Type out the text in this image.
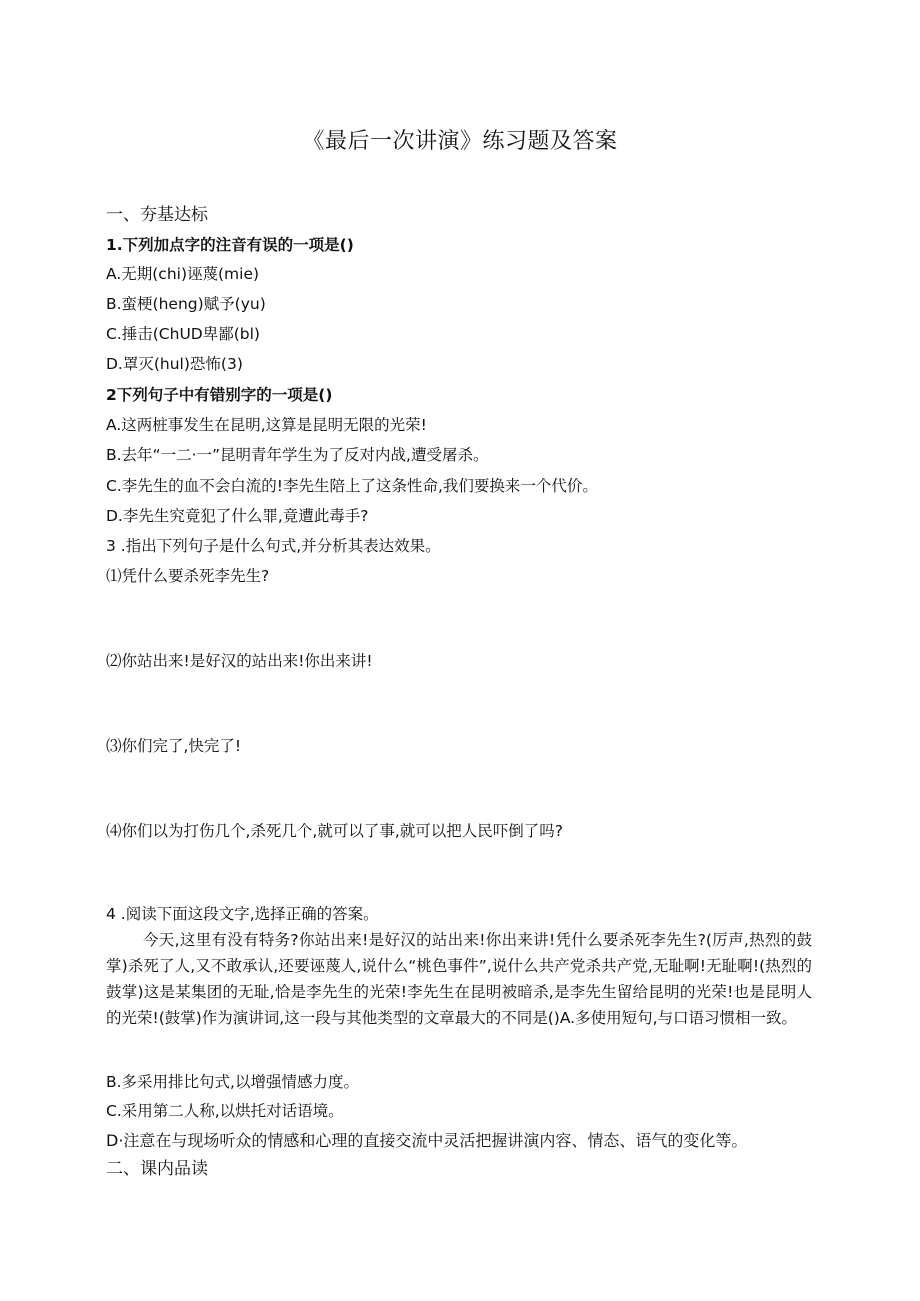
《最后一次讲演》练习题及答案
一、夯基达标
1.下列加点字的注音有误的一项是()
A.无期(chi)诬蔑(mie)
B.蛮梗(heng)赋予(yu)
C.捶击(ChUD卑鄙(bl)
D.罩灭(hul)恐怖(3)
2下列句子中有错别字的一项是()
A.这两桩事发生在昆明,这算是昆明无限的光荣!
B.去年“一二·一”昆明青年学生为了反对内战,遭受屠杀。
C.李先生的血不会白流的!李先生陪上了这条性命,我们要换来一个代价。
D.李先生究竟犯了什么罪,竟遭此毒手?
3 .指出下列句子是什么句式,并分析其表达效果。
⑴凭什么要杀死李先生?
⑵你站出来!是好汉的站出来!你出来讲!
⑶你们完了,快完了!
⑷你们以为打伤几个,杀死几个,就可以了事,就可以把人民吓倒了吗?
4 .阅读下面这段文字,选择正确的答案。
今天,这里有没有特务?你站出来!是好汉的站出来!你出来讲!凭什么要杀死李先生?(厉声,热烈的鼓掌)杀死了人,又不敢承认,还要诬蔑人,说什么“桃色事件”,说什么共产党杀共产党,无耻啊!无耻啊!(热烈的鼓掌)这是某集团的无耻,恰是李先生的光荣!李先生在昆明被暗杀,是李先生留给昆明的光荣!也是昆明人的光荣!(鼓掌)作为演讲词,这一段与其他类型的文章最大的不同是()A.多使用短句,与口语习惯相一致。
B.多采用排比句式,以增强情感力度。
C.采用第二人称,以烘托对话语境。
D·注意在与现场听众的情感和心理的直接交流中灵活把握讲演内容、情态、语气的变化等。
二、课内品读
